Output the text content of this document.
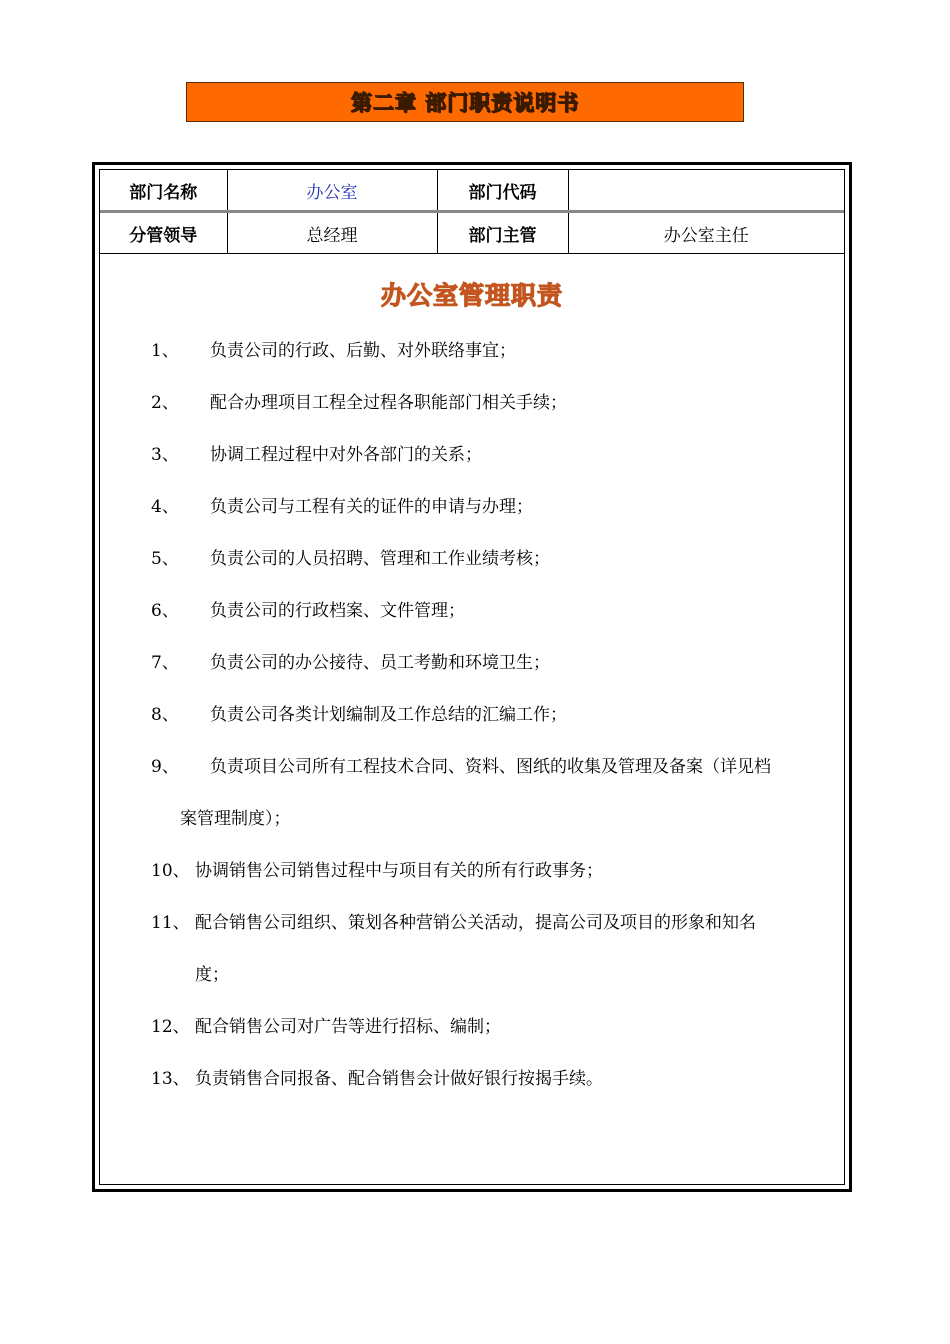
第二章 部门职责说明书
部门名称	办公室	部门代码	
分管领导	总经理	部门主管	办公室主任
办公室管理职责
1、 负责公司的行政、后勤、对外联络事宜；
2、 配合办理项目工程全过程各职能部门相关手续；
3、 协调工程过程中对外各部门的关系；
4、 负责公司与工程有关的证件的申请与办理；
5、 负责公司的人员招聘、管理和工作业绩考核；
6、 负责公司的行政档案、文件管理；
7、 负责公司的办公接待、员工考勤和环境卫生；
8、 负责公司各类计划编制及工作总结的汇编工作；
9、 负责项目公司所有工程技术合同、资料、图纸的收集及管理及备案（详见档
案管理制度）；
10、 协调销售公司销售过程中与项目有关的所有行政事务；
11、 配合销售公司组织、策划各种营销公关活动，提高公司及项目的形象和知名
度；
12、 配合销售公司对广告等进行招标、编制；
13、 负责销售合同报备、配合销售会计做好银行按揭手续。
